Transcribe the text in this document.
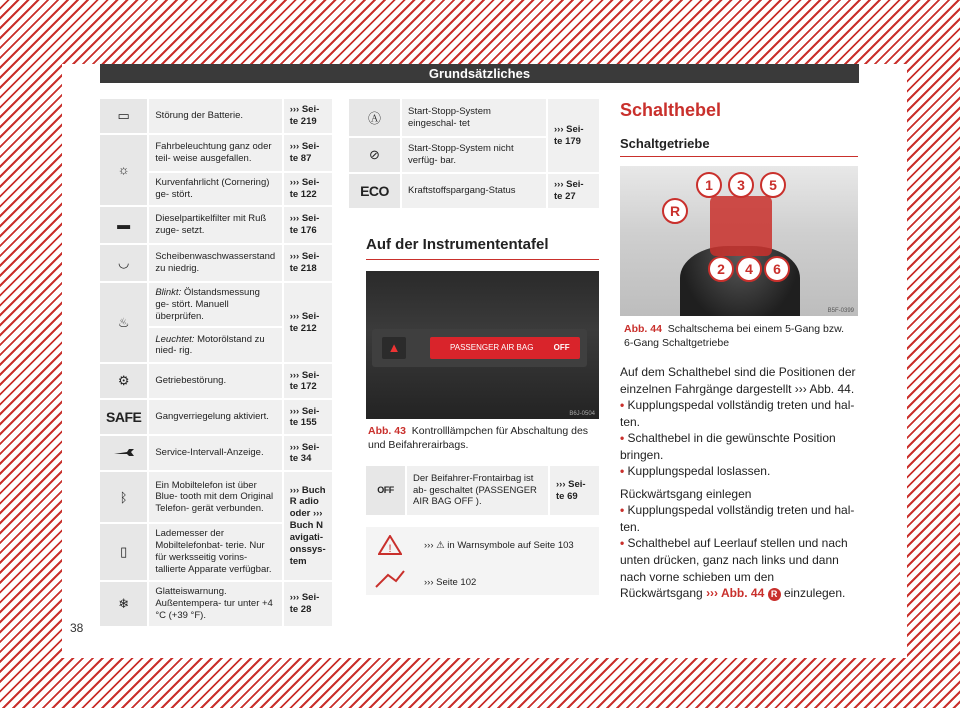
Grundsätzliches
▭	Störung der Batterie.	››› Sei- te 219
☼	Fahrbeleuchtung ganz oder teil- weise ausgefallen.	››› Sei- te 87
	Kurvenfahrlicht (Cornering) ge- stört.	››› Sei- te 122
▬	Dieselpartikelfilter mit Ruß zuge- setzt.	››› Sei- te 176
◡	Scheibenwaschwasserstand zu niedrig.	››› Sei- te 218
♨	Blinkt: Ölstandsmessung ge- stört. Manuell überprüfen.	››› Sei- te 212
	Leuchtet: Motorölstand zu nied- rig.	
⚙	Getriebestörung.	››› Sei- te 172
SAFE	Gangverriegelung aktiviert.	››› Sei- te 155
	Service-Intervall-Anzeige.	››› Sei- te 34
ᛒ	Ein Mobiltelefon ist über Blue- tooth mit dem Original Telefon- gerät verbunden.	››› Buch R adio oder ››› Buch N avigati- onssys- tem
▯	Lademesser der Mobiltelefonbat- terie. Nur für werksseitig vorins- tallierte Apparate verfügbar.	
❄	Glatteiswarnung. Außentempera- tur unter +4 °C (+39 °F).	››› Sei- te 28
Ⓐ	Start-Stopp-System eingeschal- tet	››› Sei- te 179
⊘	Start-Stopp-System nicht verfüg- bar.	
ECO	Kraftstoffspargang-Status	››› Sei- te 27
Auf der Instrumententafel
▲	PASSENGER AIR BAG	OFF
B6J-0504
Abb. 43 Kontrolllämpchen für Abschaltung des und Beifahrerairbags.
OFF	Der Beifahrer-Frontairbag ist ab- geschaltet (PASSENGER AIR BAG OFF ).	››› Sei- te 69
!	››› ⚠ in Warnsymbole auf Seite 103
››› Seite 102
Schalthebel
Schaltgetriebe
1	3	5
R
2	4	6
B5F-0399
Abb. 44 Schaltschema bei einem 5-Gang bzw. 6-Gang Schaltgetriebe
Auf dem Schalthebel sind die Positionen der einzelnen Fahrgänge dargestellt ››› Abb. 44.
• Kupplungspedal vollständig treten und hal- ten.
• Schalthebel in die gewünschte Position bringen.
• Kupplungspedal loslassen.
Rückwärtsgang einlegen
• Kupplungspedal vollständig treten und hal- ten.
• Schalthebel auf Leerlauf stellen und nach unten drücken, ganz nach links und dann nach vorne schieben um den Rückwärtsgang ››› Abb. 44 R einzulegen.
38
